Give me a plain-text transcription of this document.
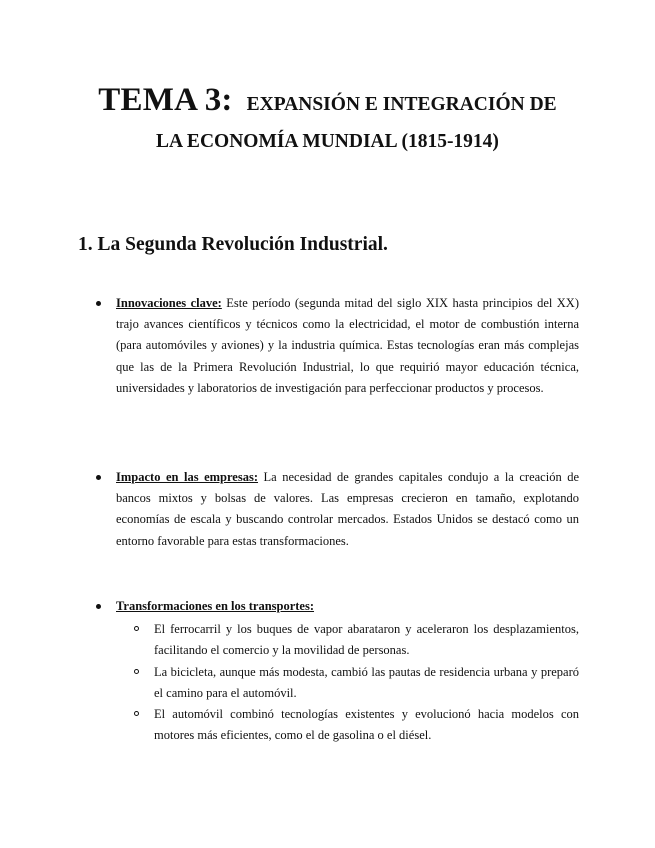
TEMA 3: EXPANSIÓN E INTEGRACIÓN DE
LA ECONOMÍA MUNDIAL (1815-1914)
1. La Segunda Revolución Industrial.

Innovaciones clave: Este período (segunda mitad del siglo XIX hasta principios del XX) trajo avances científicos y técnicos como la electricidad, el motor de combustión interna (para automóviles y aviones) y la industria química. Estas tecnologías eran más complejas que las de la Primera Revolución Industrial, lo que requirió mayor educación técnica, universidades y laboratorios de investigación para perfeccionar productos y procesos.

Impacto en las empresas: La necesidad de grandes capitales condujo a la creación de bancos mixtos y bolsas de valores. Las empresas crecieron en tamaño, explotando economías de escala y buscando controlar mercados. Estados Unidos se destacó como un entorno favorable para estas transformaciones.

Transformaciones en los transportes:

El ferrocarril y los buques de vapor abarataron y aceleraron los desplazamientos, facilitando el comercio y la movilidad de personas.

La bicicleta, aunque más modesta, cambió las pautas de residencia urbana y preparó el camino para el automóvil.

El automóvil combinó tecnologías existentes y evolucionó hacia modelos con motores más eficientes, como el de gasolina o el diésel.
